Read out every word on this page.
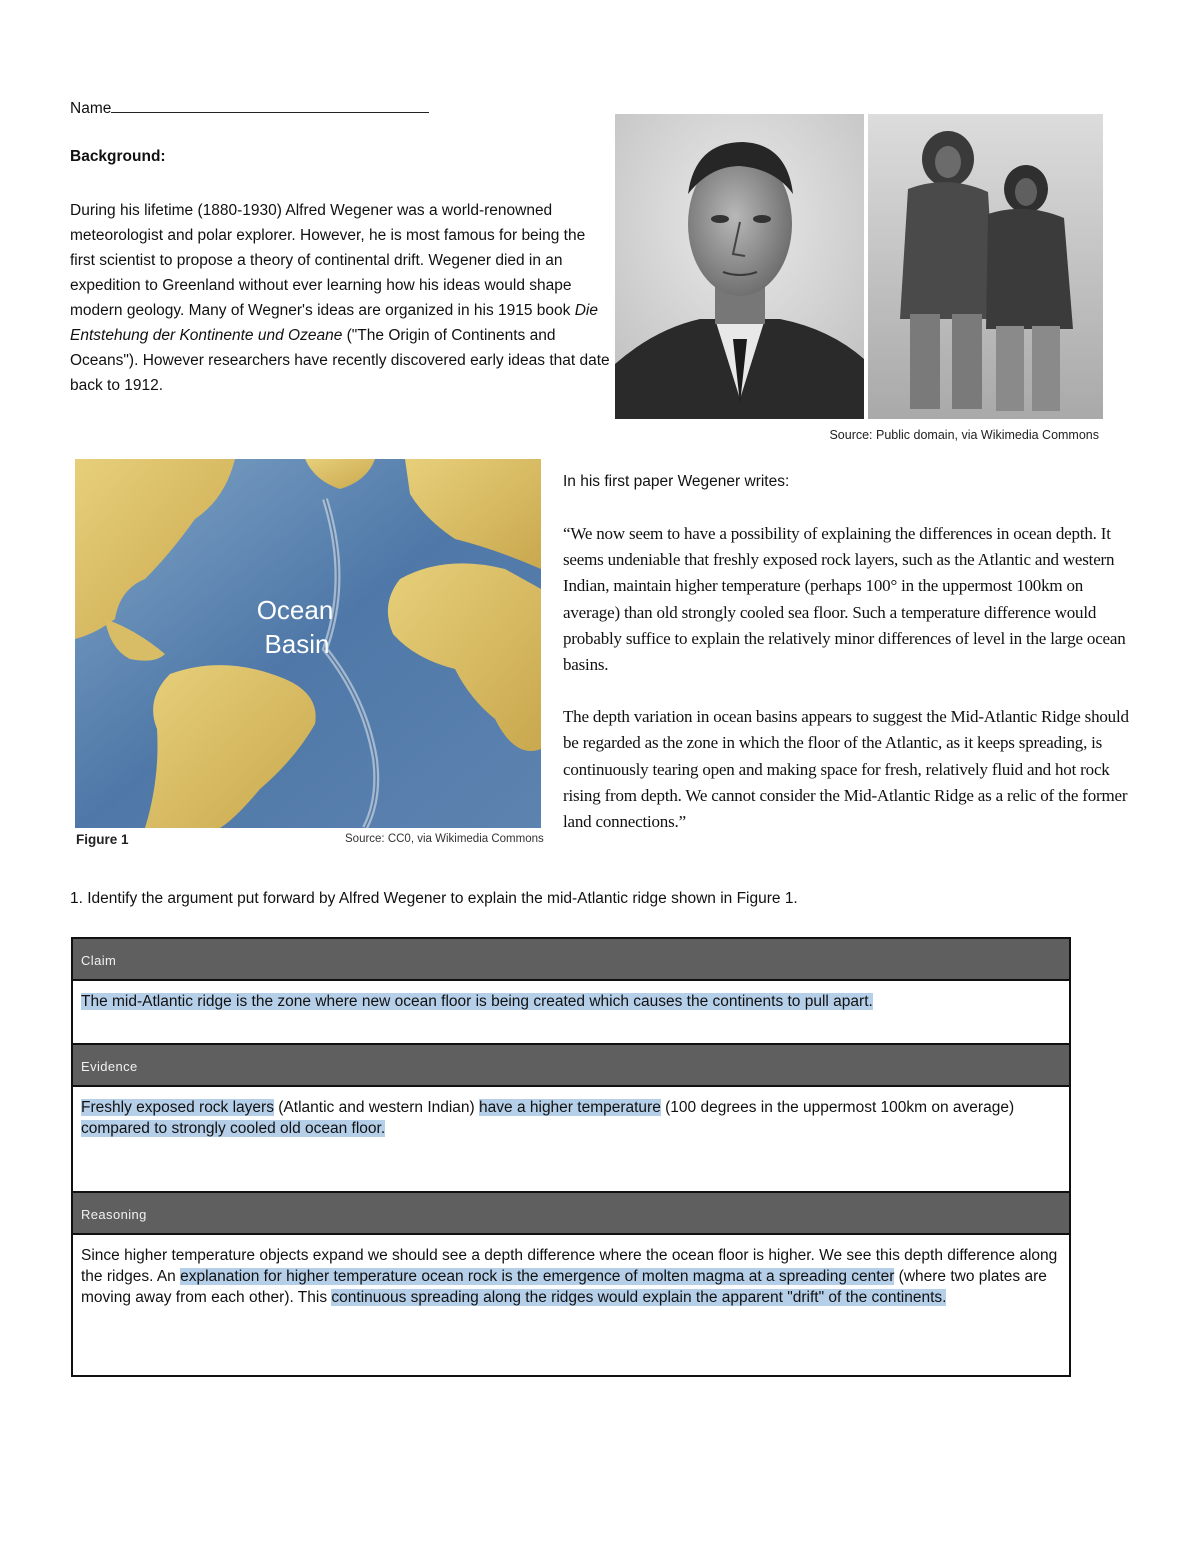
Name
Background:
During his lifetime (1880-1930) Alfred Wegener was a world-renowned meteorologist and polar explorer. However, he is most famous for being the first scientist to propose a theory of continental drift. Wegener died in an expedition to Greenland without ever learning how his ideas would shape modern geology. Many of Wegner's ideas are organized in his 1915 book Die Entstehung der Kontinente und Ozeane ("The Origin of Continents and Oceans"). However researchers have recently discovered early ideas that date back to 1912.
Source: Public domain, via Wikimedia Commons
Ocean
Basin
Figure 1	Source: CC0, via Wikimedia Commons
In his first paper Wegener writes:

“We now seem to have a possibility of explaining the differences in ocean depth. It seems undeniable that freshly exposed rock layers, such as the Atlantic and western Indian, maintain higher temperature (perhaps 100° in the uppermost 100km on average) than old strongly cooled sea floor. Such a temperature difference would probably suffice to explain the relatively minor differences of level in the large ocean basins.

The depth variation in ocean basins appears to suggest the Mid-Atlantic Ridge should be regarded as the zone in which the floor of the Atlantic, as it keeps spreading, is continuously tearing open and making space for fresh, relatively fluid and hot rock rising from depth. We cannot consider the Mid-Atlantic Ridge as a relic of the former land connections.”

1. Identify the argument put forward by Alfred Wegener to explain the mid-Atlantic ridge shown in Figure 1.
Claim
The mid-Atlantic ridge is the zone where new ocean floor is being created which causes the continents to pull apart.
Evidence
Freshly exposed rock layers (Atlantic and western Indian) have a higher temperature (100 degrees in the uppermost 100km on average) compared to strongly cooled old ocean floor.
Reasoning
Since higher temperature objects expand we should see a depth difference where the ocean floor is higher. We see this depth difference along the ridges. An explanation for higher temperature ocean rock is the emergence of molten magma at a spreading center (where two plates are moving away from each other). This continuous spreading along the ridges would explain the apparent "drift" of the continents.
